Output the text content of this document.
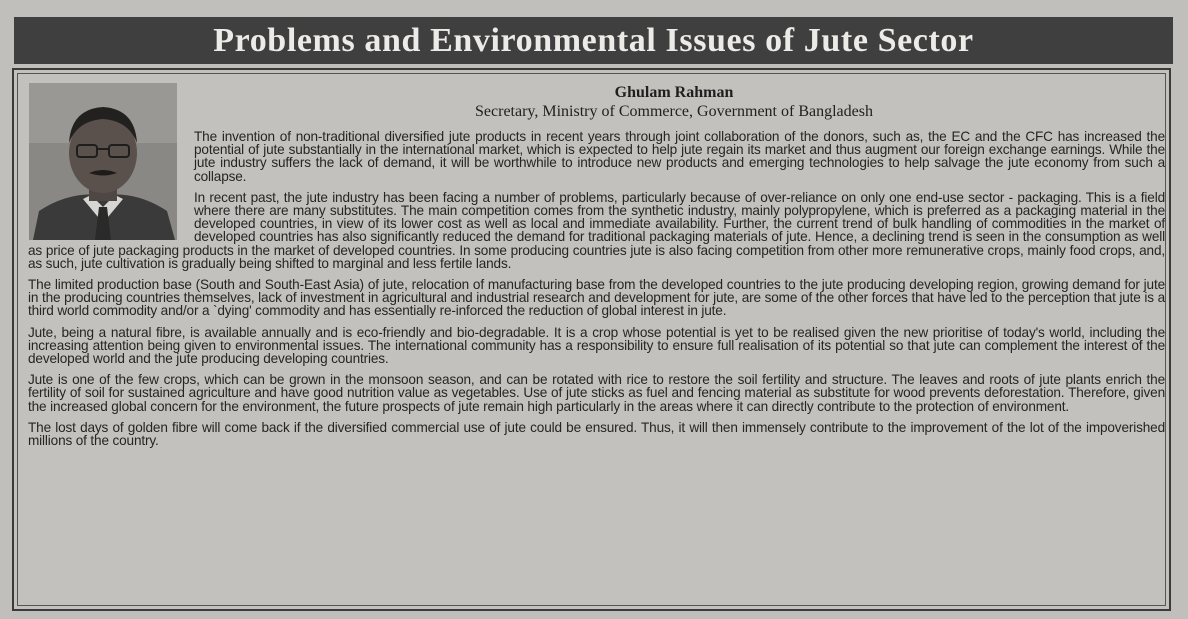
Problems and Environmental Issues of Jute Sector
Ghulam Rahman
Secretary, Ministry of Commerce, Government of Bangladesh

The invention of non-traditional diversified jute products in recent years through joint collaboration of the donors, such as, the EC and the CFC has increased the potential of jute substantially in the international market, which is expected to help jute regain its market and thus augment our foreign exchange earnings. While the jute industry suffers the lack of demand, it will be worthwhile to introduce new products and emerging technologies to help salvage the jute economy from such a collapse.

In recent past, the jute industry has been facing a number of problems, particularly because of over-reliance on only one end-use sector - packaging. This is a field where there are many substitutes. The main competition comes from the synthetic industry, mainly polypropylene, which is preferred as a packaging material in the developed countries, in view of its lower cost as well as local and immediate availability. Further, the current trend of bulk handling of commodities in the market of developed countries has also significantly reduced the demand for traditional packaging materials of jute. Hence, a declining trend is seen in the consumption as well as price of jute packaging products in the market of developed countries. In some producing countries jute is also facing competition from other more remunerative crops, mainly food crops, and, as such, jute cultivation is gradually being shifted to marginal and less fertile lands.

The limited production base (South and South-East Asia) of jute, relocation of manufacturing base from the developed countries to the jute producing developing region, growing demand for jute in the producing countries themselves, lack of investment in agricultural and industrial research and development for jute, are some of the other forces that have led to the perception that jute is a third world commodity and/or a `dying' commodity and has essentially re-inforced the reduction of global interest in jute.

Jute, being a natural fibre, is available annually and is eco-friendly and bio-degradable. It is a crop whose potential is yet to be realised given the new prioritise of today's world, including the increasing attention being given to environmental issues. The international community has a responsibility to ensure full realisation of its potential so that jute can complement the interest of the developed world and the jute producing developing countries.

Jute is one of the few crops, which can be grown in the monsoon season, and can be rotated with rice to restore the soil fertility and structure. The leaves and roots of jute plants enrich the fertility of soil for sustained agriculture and have good nutrition value as vegetables. Use of jute sticks as fuel and fencing material as substitute for wood prevents deforestation. Therefore, given the increased global concern for the environment, the future prospects of jute remain high particularly in the areas where it can directly contribute to the protection of environment.

The lost days of golden fibre will come back if the diversified commercial use of jute could be ensured. Thus, it will then immensely contribute to the improvement of the lot of the impoverished millions of the country.
